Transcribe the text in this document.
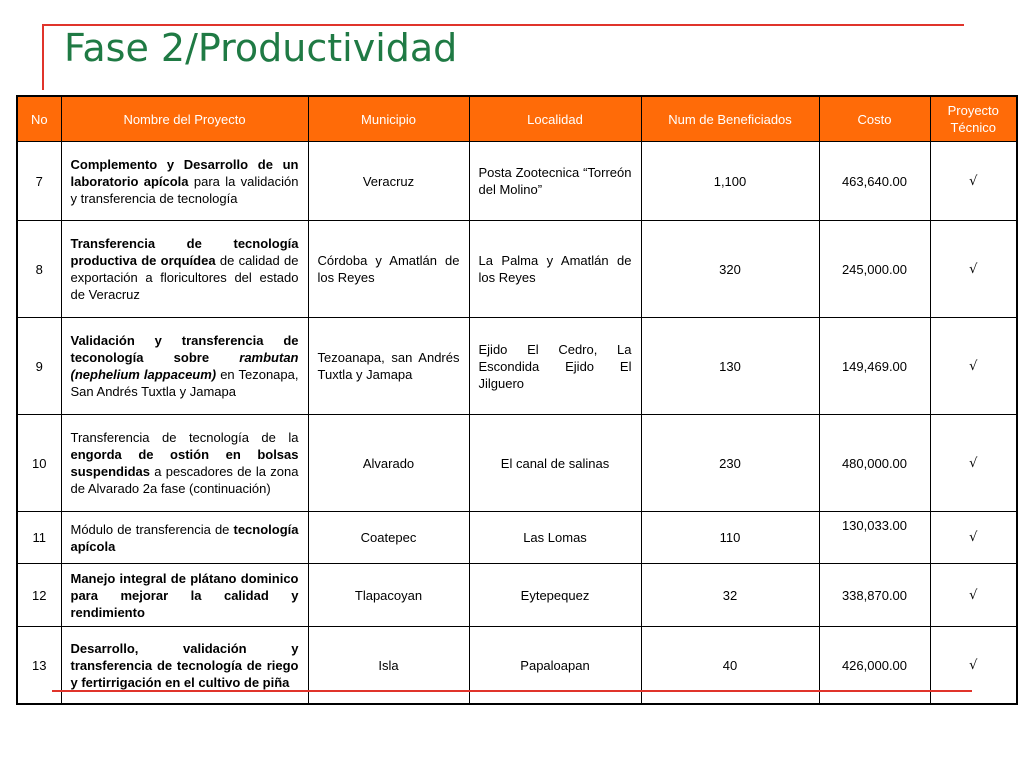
Fase 2/Productividad
No	Nombre del Proyecto	Municipio	Localidad	Num de Beneficiados	Costo	Proyecto
Técnico
7	Complemento y Desarrollo de un laboratorio apícola para la validación y transferencia de tecnología	Veracruz	Posta Zootecnica “Torreón del Molino”	1,100	463,640.00	√
8	Transferencia de tecnología productiva de orquídea de calidad de exportación a floricultores del estado de Veracruz	Córdoba y Amatlán de los Reyes	La Palma y Amatlán de los Reyes	320	245,000.00	√
9	Validación y transferencia de teconología sobre rambutan (nephelium lappaceum) en Tezonapa, San Andrés Tuxtla y Jamapa	Tezoanapa, san Andrés Tuxtla y Jamapa	Ejido El Cedro, La Escondida Ejido El Jilguero	130	149,469.00	√
10	Transferencia de tecnología de la engorda de ostión en bolsas suspendidas a pescadores de la zona de Alvarado 2a fase (continuación)	Alvarado	El canal de salinas	230	480,000.00	√
11	Módulo de transferencia de tecnología apícola	Coatepec	Las Lomas	110	130,033.00	√
12	Manejo integral de plátano dominico para mejorar la calidad y rendimiento	Tlapacoyan	Eytepequez	32	338,870.00	√
13	Desarrollo, validación y transferencia de tecnología de riego y fertirrigación en el cultivo de piña	Isla	Papaloapan	40	426,000.00	√
